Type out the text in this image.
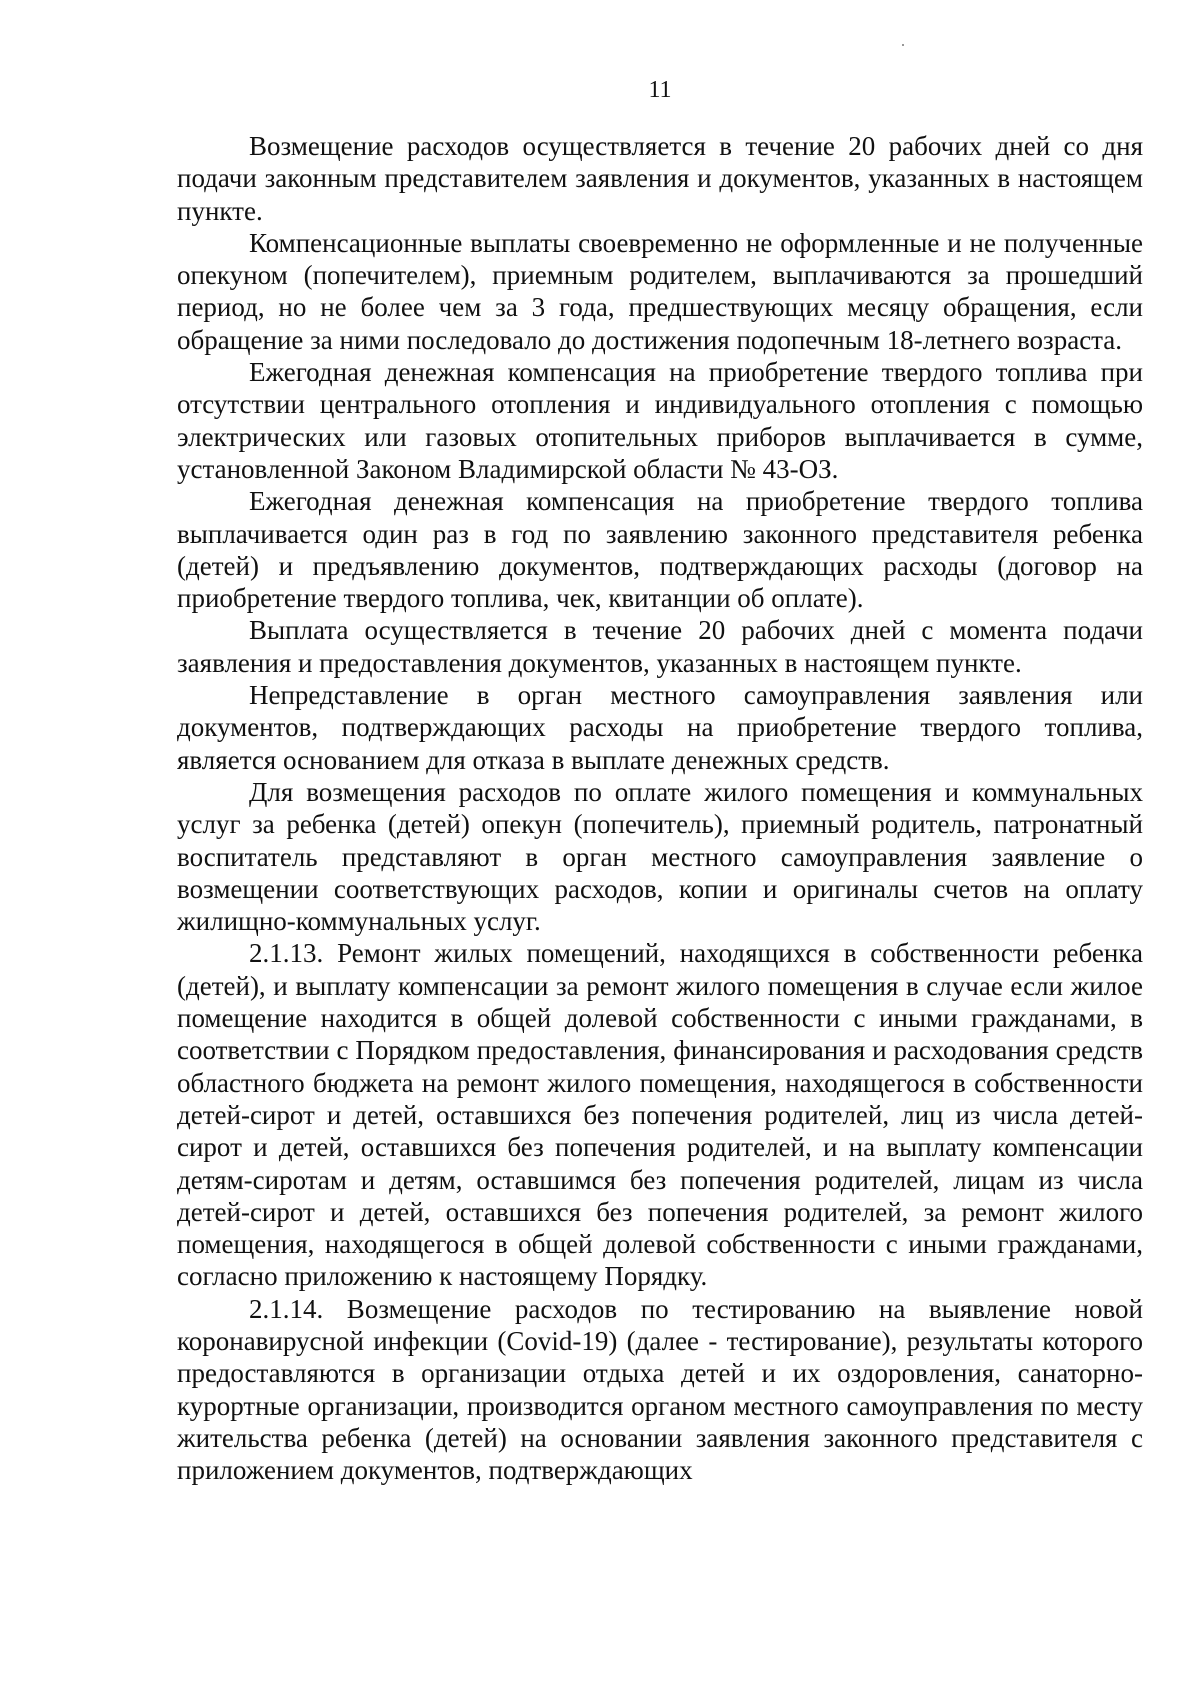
11

Возмещение расходов осуществляется в течение 20 рабочих дней со дня подачи законным представителем заявления и документов, указанных в настоящем пункте.

Компенсационные выплаты своевременно не оформленные и не полученные опекуном (попечителем), приемным родителем, выплачиваются за прошедший период, но не более чем за 3 года, предшествующих месяцу обращения, если обращение за ними последовало до достижения подопечным 18-летнего возраста.

Ежегодная денежная компенсация на приобретение твердого топлива при отсутствии центрального отопления и индивидуального отопления с помощью электрических или газовых отопительных приборов выплачивается в сумме, установленной Законом Владимирской области № 43-ОЗ.

Ежегодная денежная компенсация на приобретение твердого топлива выплачивается один раз в год по заявлению законного представителя ребенка (детей) и предъявлению документов, подтверждающих расходы (договор на приобретение твердого топлива, чек, квитанции об оплате).

Выплата осуществляется в течение 20 рабочих дней с момента подачи заявления и предоставления документов, указанных в настоящем пункте.

Непредставление в орган местного самоуправления заявления или документов, подтверждающих расходы на приобретение твердого топлива, является основанием для отказа в выплате денежных средств.

Для возмещения расходов по оплате жилого помещения и коммунальных услуг за ребенка (детей) опекун (попечитель), приемный родитель, патронатный воспитатель представляют в орган местного самоуправления заявление о возмещении соответствующих расходов, копии и оригиналы счетов на оплату жилищно-коммунальных услуг.

2.1.13. Ремонт жилых помещений, находящихся в собственности ребенка (детей), и выплату компенсации за ремонт жилого помещения в случае если жилое помещение находится в общей долевой собственности с иными гражданами, в соответствии с Порядком предоставления, финансирования и расходования средств областного бюджета на ремонт жилого помещения, находящегося в собственности детей-сирот и детей, оставшихся без попечения родителей, лиц из числа детей-сирот и детей, оставшихся без попечения родителей, и на выплату компенсации детям-сиротам и детям, оставшимся без попечения родителей, лицам из числа детей-сирот и детей, оставшихся без попечения родителей, за ремонт жилого помещения, находящегося в общей долевой собственности с иными гражданами, согласно приложению к настоящему Порядку.

2.1.14. Возмещение расходов по тестированию на выявление новой коронавирусной инфекции (Covid-19) (далее - тестирование), результаты которого предоставляются в организации отдыха детей и их оздоровления, санаторно-курортные организации, производится органом местного самоуправления по месту жительства ребенка (детей) на основании заявления законного представителя с приложением документов, подтверждающих
